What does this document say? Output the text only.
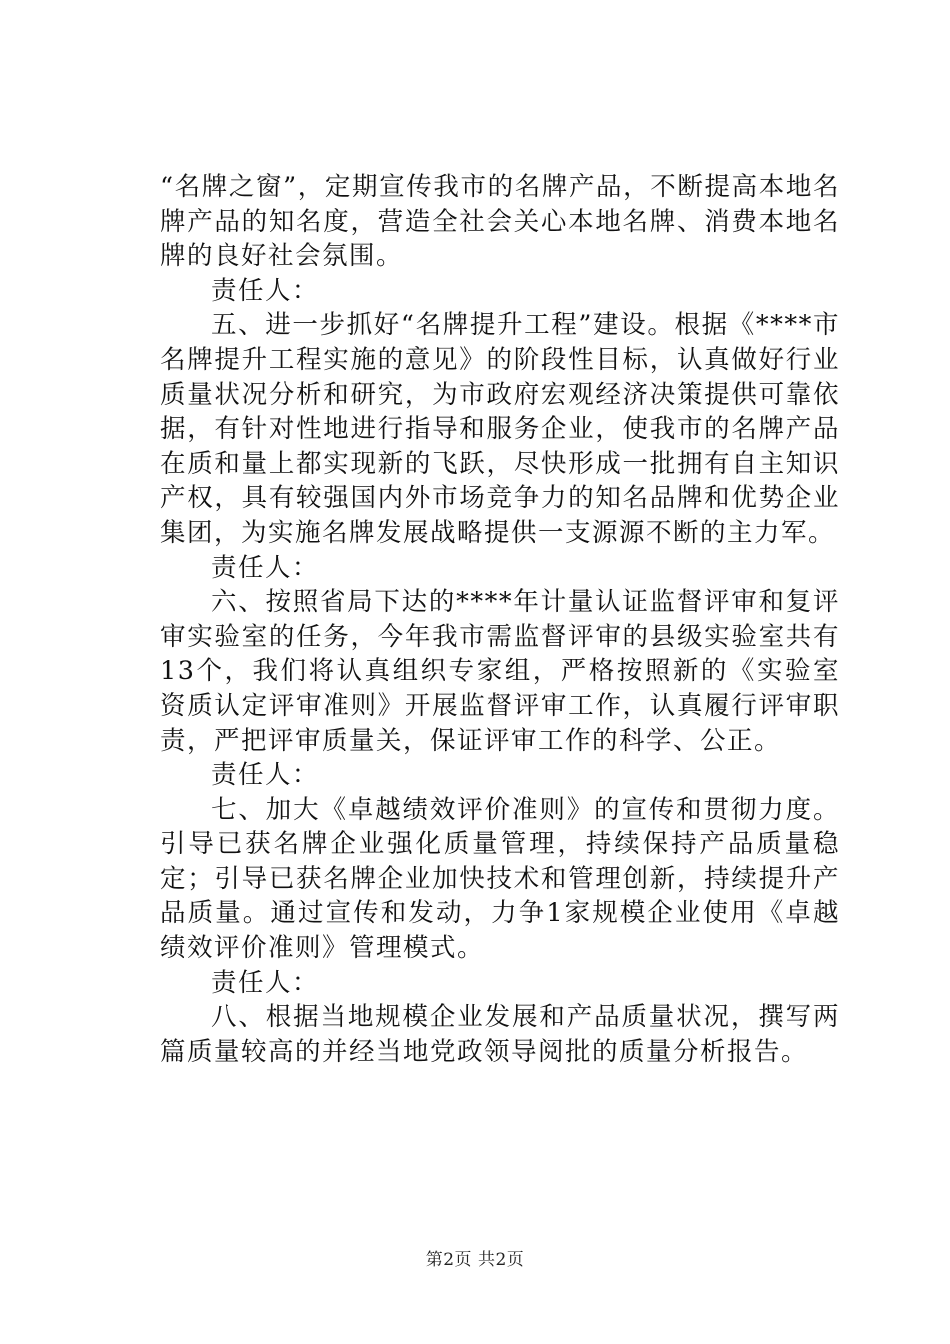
“名牌之窗”，定期宣传我市的名牌产品，不断提高本地名牌产品的知名度，营造全社会关心本地名牌、消费本地名牌的良好社会氛围。

责任人：

五、进一步抓好“名牌提升工程”建设。根据《****市名牌提升工程实施的意见》的阶段性目标，认真做好行业质量状况分析和研究，为市政府宏观经济决策提供可靠依据，有针对性地进行指导和服务企业，使我市的名牌产品在质和量上都实现新的飞跃，尽快形成一批拥有自主知识产权，具有较强国内外市场竞争力的知名品牌和优势企业集团，为实施名牌发展战略提供一支源源不断的主力军。

责任人：

六、按照省局下达的****年计量认证监督评审和复评审实验室的任务，今年我市需监督评审的县级实验室共有13个，我们将认真组织专家组，严格按照新的《实验室资质认定评审准则》开展监督评审工作，认真履行评审职责，严把评审质量关，保证评审工作的科学、公正。

责任人：

七、加大《卓越绩效评价准则》的宣传和贯彻力度。引导已获名牌企业强化质量管理，持续保持产品质量稳定；引导已获名牌企业加快技术和管理创新，持续提升产品质量。通过宣传和发动，力争1家规模企业使用《卓越绩效评价准则》管理模式。

责任人：

八、根据当地规模企业发展和产品质量状况，撰写两篇质量较高的并经当地党政领导阅批的质量分析报告。

第2页 共2页
